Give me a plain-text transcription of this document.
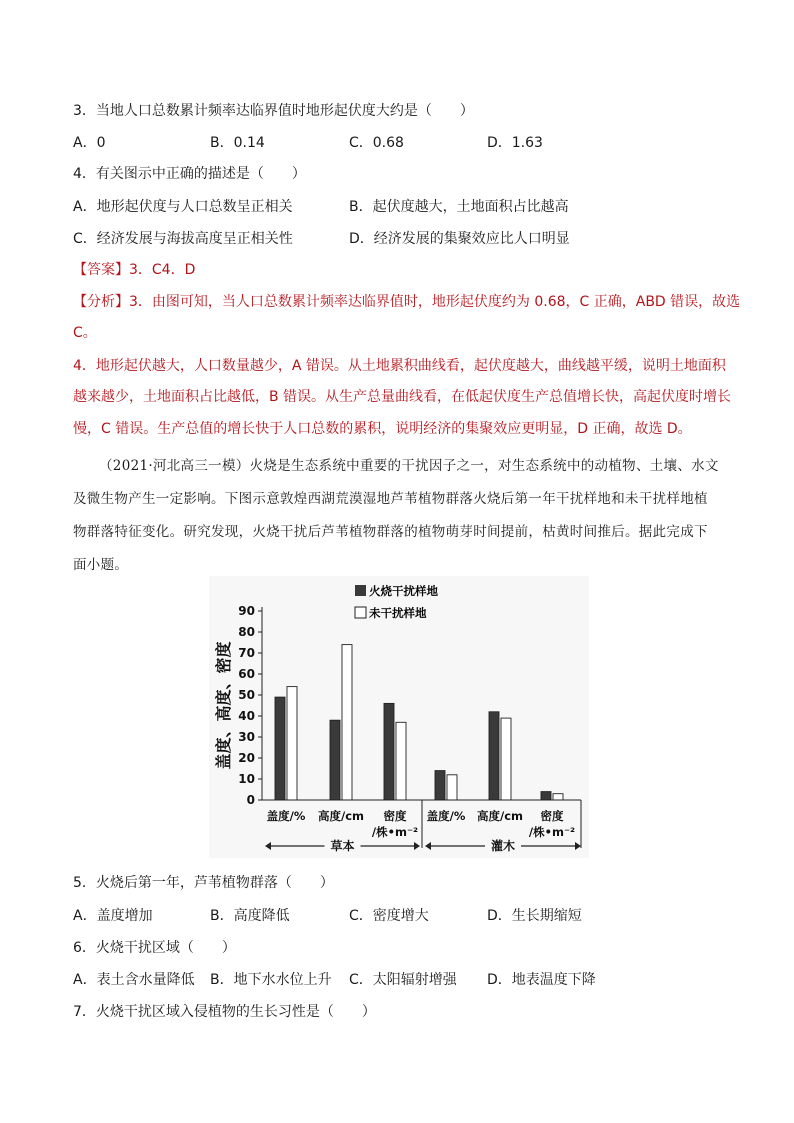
3．当地人口总数累计频率达临界值时地形起伏度大约是（　　）
A．0	B．0.14	C．0.68	D．1.63
4．有关图示中正确的描述是（　　）
A．地形起伏度与人口总数呈正相关	B．起伏度越大，土地面积占比越高
C．经济发展与海拔高度呈正相关性	D．经济发展的集聚效应比人口明显
【答案】3．C4．D
【分析】3．由图可知，当人口总数累计频率达临界值时，地形起伏度约为 0.68，C 正确，ABD 错误，故选
C。
4．地形起伏越大，人口数量越少，A 错误。从土地累积曲线看，起伏度越大，曲线越平缓，说明土地面积
越来越少，土地面积占比越低，B 错误。从生产总量曲线看，在低起伏度生产总值增长快，高起伏度时增长
慢，C 错误。生产总值的增长快于人口总数的累积，说明经济的集聚效应更明显，D 正确，故选 D。

（2021·河北高三一模）火烧是生态系统中重要的干扰因子之一，对生态系统中的动植物、土壤、水文

及微生物产生一定影响。下图示意敦煌西湖荒漠湿地芦苇植物群落火烧后第一年干扰样地和未干扰样地植

物群落特征变化。研究发现，火烧干扰后芦苇植物群落的植物萌芽时间提前，枯黄时间推后。据此完成下

面小题。

火烧干扰样地
未干扰样地
盖度、高度、密度
0
10
20
30
40
50
60
70
80
90
盖度/% 高度/cm 密度
/株•m⁻²
盖度/% 高度/cm 密度
/株•m⁻²
草本	灌木
5．火烧后第一年，芦苇植物群落（　　）
A．盖度增加	B．高度降低	C．密度增大	D．生长期缩短
6．火烧干扰区域（　　）
A．表土含水量降低 B．地下水水位上升 C．太阳辐射增强 D．地表温度下降
7．火烧干扰区域入侵植物的生长习性是（　　）
